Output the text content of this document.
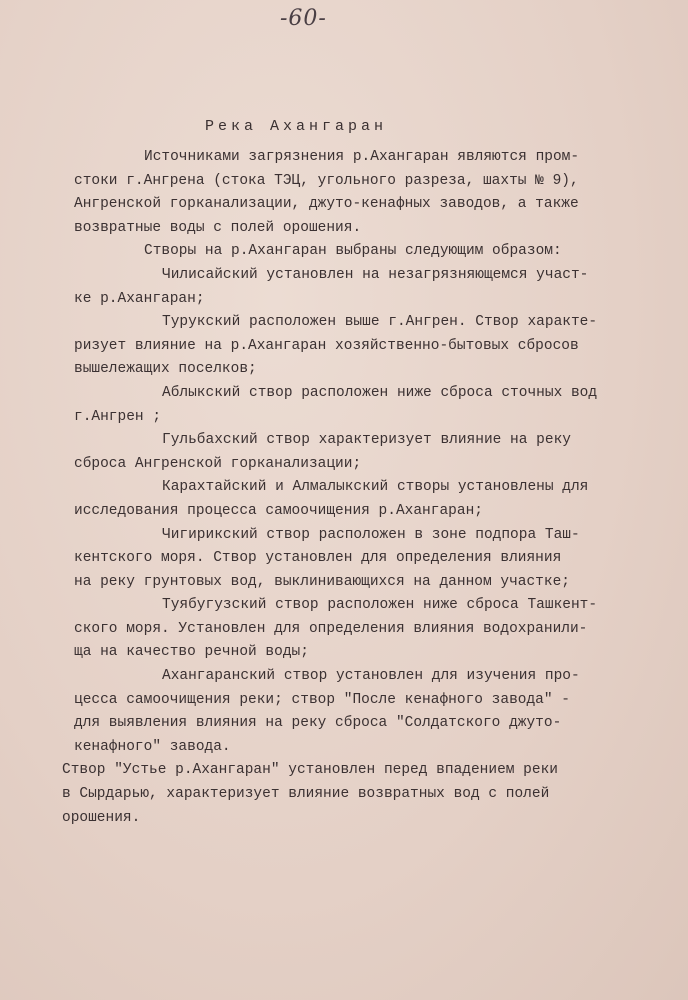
-60-
Река Ахангаран
Источниками загрязнения р.Ахангаран являются пром-
стоки г.Ангрена (стока ТЭЦ, угольного разреза, шахты № 9),
Ангренской горканализации, джуто-кенафных заводов, а также
возвратные воды с полей орошения.
Створы на р.Ахангаран выбраны следующим образом:
Чилисайский установлен на незагрязняющемся участ-
ке р.Ахангаран;
Турукский расположен выше г.Ангрен. Створ характе-
ризует влияние на р.Ахангаран хозяйственно-бытовых сбросов
вышележащих поселков;
Аблыкский створ расположен ниже сброса сточных вод
г.Ангрен ;
Гульбахский створ характеризует влияние на реку
сброса Ангренской горканализации;
Карахтайский и Алмалыкский створы установлены для
исследования процесса самоочищения р.Ахангаран;
Чигирикский створ расположен в зоне подпора Таш-
кентского моря. Створ установлен для определения влияния
на реку грунтовых вод, выклинивающихся на данном участке;
Туябугузский створ расположен ниже сброса Ташкент-
ского моря. Установлен для определения влияния водохранили-
ща на качество речной воды;
Ахангаранский створ установлен для изучения про-
цесса самоочищения реки; створ "После кенафного завода" -
для выявления влияния на реку сброса "Солдатского джуто-
кенафного" завода.
Створ "Устье р.Ахангаран" установлен перед впадением реки
в Сырдарью, характеризует влияние возвратных вод с полей
орошения.
